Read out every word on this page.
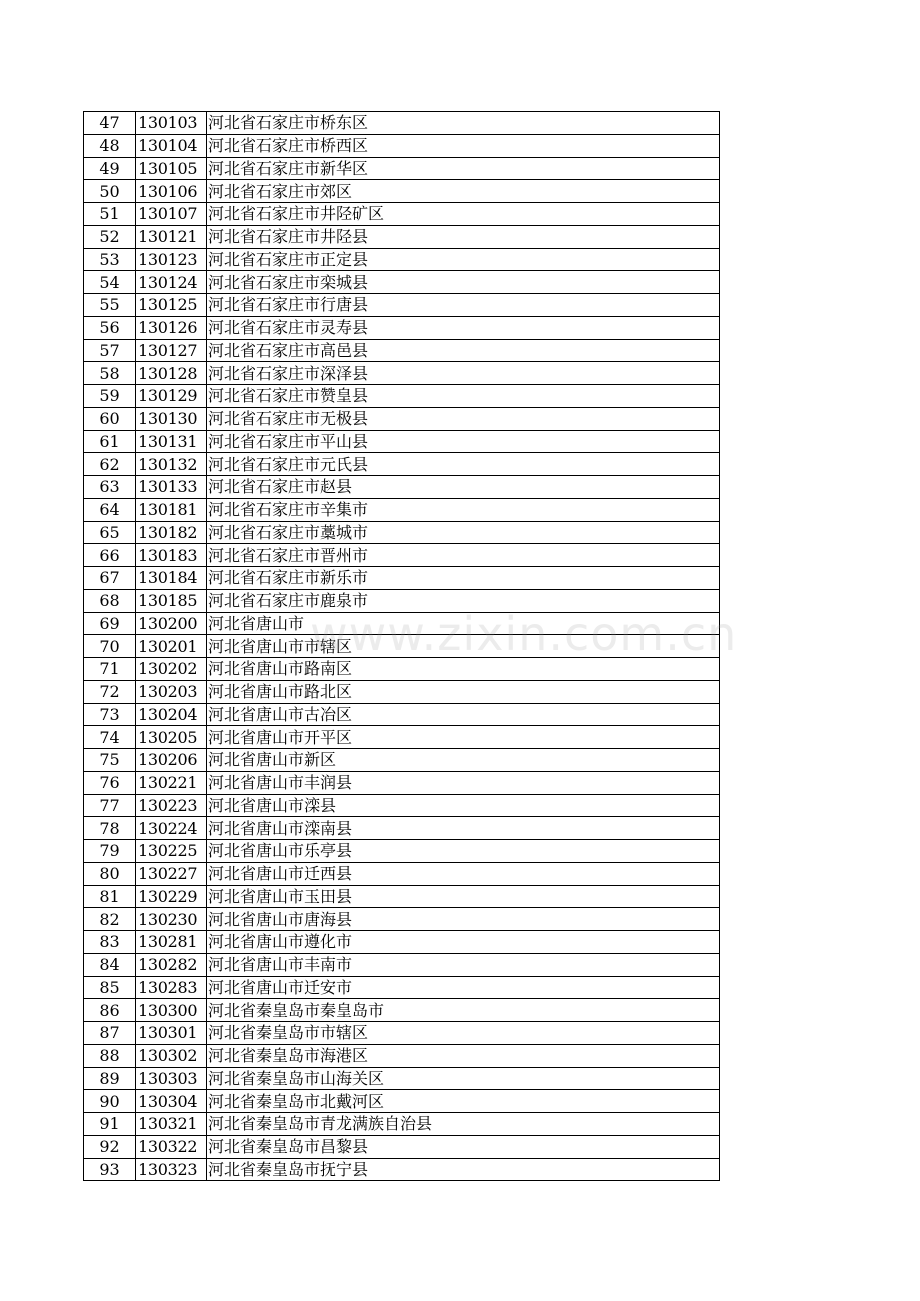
47	130103	河北省石家庄市桥东区
48	130104	河北省石家庄市桥西区
49	130105	河北省石家庄市新华区
50	130106	河北省石家庄市郊区
51	130107	河北省石家庄市井陉矿区
52	130121	河北省石家庄市井陉县
53	130123	河北省石家庄市正定县
54	130124	河北省石家庄市栾城县
55	130125	河北省石家庄市行唐县
56	130126	河北省石家庄市灵寿县
57	130127	河北省石家庄市高邑县
58	130128	河北省石家庄市深泽县
59	130129	河北省石家庄市赞皇县
60	130130	河北省石家庄市无极县
61	130131	河北省石家庄市平山县
62	130132	河北省石家庄市元氏县
63	130133	河北省石家庄市赵县
64	130181	河北省石家庄市辛集市
65	130182	河北省石家庄市藁城市
66	130183	河北省石家庄市晋州市
67	130184	河北省石家庄市新乐市
68	130185	河北省石家庄市鹿泉市
69	130200	河北省唐山市
70	130201	河北省唐山市市辖区
71	130202	河北省唐山市路南区
72	130203	河北省唐山市路北区
73	130204	河北省唐山市古冶区
74	130205	河北省唐山市开平区
75	130206	河北省唐山市新区
76	130221	河北省唐山市丰润县
77	130223	河北省唐山市滦县
78	130224	河北省唐山市滦南县
79	130225	河北省唐山市乐亭县
80	130227	河北省唐山市迁西县
81	130229	河北省唐山市玉田县
82	130230	河北省唐山市唐海县
83	130281	河北省唐山市遵化市
84	130282	河北省唐山市丰南市
85	130283	河北省唐山市迁安市
86	130300	河北省秦皇岛市秦皇岛市
87	130301	河北省秦皇岛市市辖区
88	130302	河北省秦皇岛市海港区
89	130303	河北省秦皇岛市山海关区
90	130304	河北省秦皇岛市北戴河区
91	130321	河北省秦皇岛市青龙满族自治县
92	130322	河北省秦皇岛市昌黎县
93	130323	河北省秦皇岛市抚宁县
www.zixin.com.cn
